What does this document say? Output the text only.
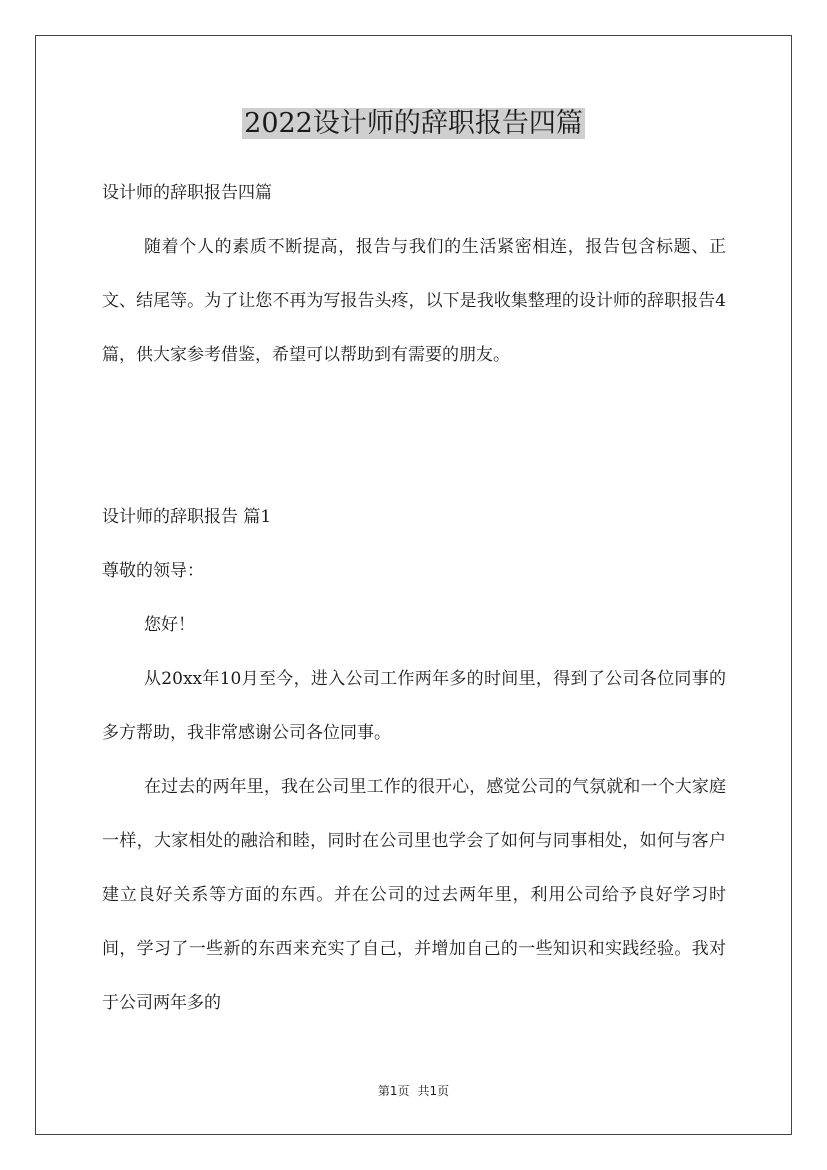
2022设计师的辞职报告四篇

设计师的辞职报告四篇

随着个人的素质不断提高，报告与我们的生活紧密相连，报告包含标题、正文、结尾等。为了让您不再为写报告头疼，以下是我收集整理的设计师的辞职报告4篇，供大家参考借鉴，希望可以帮助到有需要的朋友。

设计师的辞职报告 篇1

尊敬的领导：

您好！

从20xx年10月至今，进入公司工作两年多的时间里，得到了公司各位同事的多方帮助，我非常感谢公司各位同事。

在过去的两年里，我在公司里工作的很开心，感觉公司的气氛就和一个大家庭一样，大家相处的融洽和睦，同时在公司里也学会了如何与同事相处，如何与客户建立良好关系等方面的东西。并在公司的过去两年里，利用公司给予良好学习时间，学习了一些新的东西来充实了自己，并增加自己的一些知识和实践经验。我对于公司两年多的

第1页 共1页
